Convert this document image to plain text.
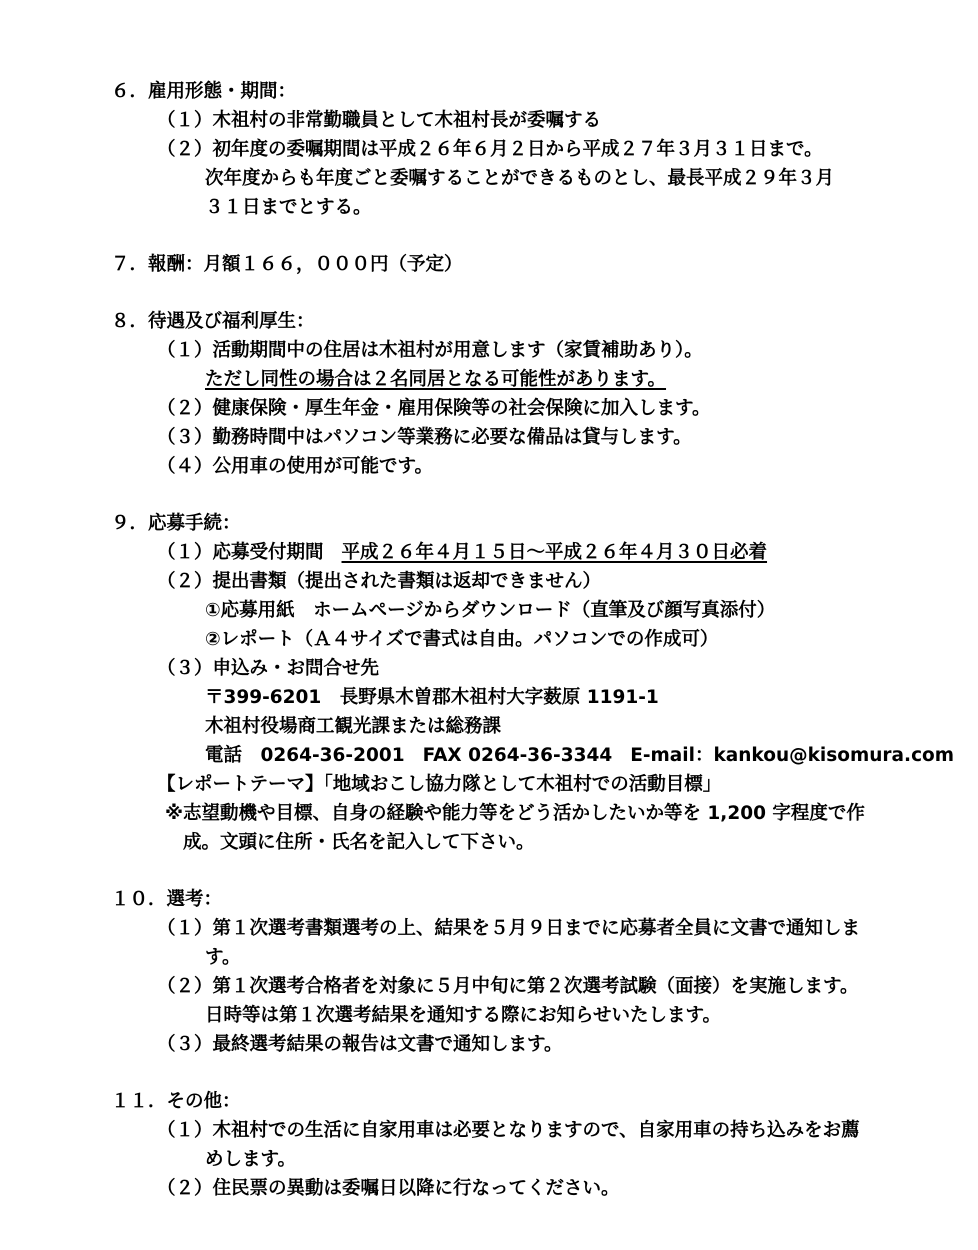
６．雇用形態・期間：
（１）木祖村の非常勤職員として木祖村長が委嘱する
（２）初年度の委嘱期間は平成２６年６月２日から平成２７年３月３１日まで。
次年度からも年度ごと委嘱することができるものとし、最長平成２９年３月
３１日までとする。
７．報酬：月額１６６，０００円（予定）
８．待遇及び福利厚生：
（１）活動期間中の住居は木祖村が用意します（家賃補助あり）。
ただし同性の場合は２名同居となる可能性があります。
（２）健康保険・厚生年金・雇用保険等の社会保険に加入します。
（３）勤務時間中はパソコン等業務に必要な備品は貸与します。
（４）公用車の使用が可能です。
９．応募手続：
（１）応募受付期間 平成２６年４月１５日～平成２６年４月３０日必着
（２）提出書類（提出された書類は返却できません）
①応募用紙　ホームページからダウンロード（直筆及び顔写真添付）
②レポート（Ａ４サイズで書式は自由。パソコンでの作成可）
（３）申込み・お問合せ先
〒399-6201　長野県木曽郡木祖村大字薮原 1191-1
木祖村役場商工観光課または総務課
電話　0264-36-2001 FAX 0264-36-3344 E-mail：kankou@kisomura.com
【レポートテーマ】「地域おこし協力隊として木祖村での活動目標」
※志望動機や目標、自身の経験や能力等をどう活かしたいか等を 1,200 字程度で作
成。文頭に住所・氏名を記入して下さい。
１０．選考：
（１）第１次選考書類選考の上、結果を５月９日までに応募者全員に文書で通知しま
す。
（２）第１次選考合格者を対象に５月中旬に第２次選考試験（面接）を実施します。
日時等は第１次選考結果を通知する際にお知らせいたします。
（３）最終選考結果の報告は文書で通知します。
１１．その他：
（１）木祖村での生活に自家用車は必要となりますので、自家用車の持ち込みをお薦
めします。
（２）住民票の異動は委嘱日以降に行なってください。
